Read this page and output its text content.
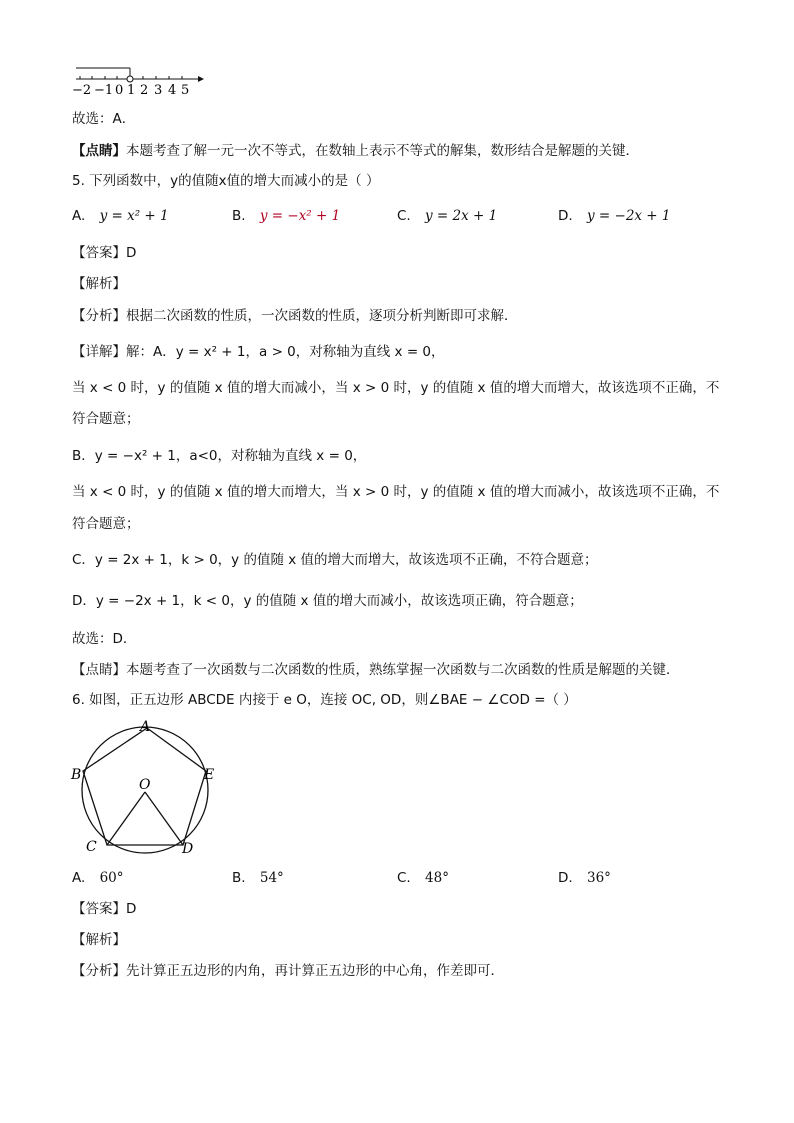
−2 −1 0 1 2 3 4 5
故选：A．
【点睛】本题考查了解一元一次不等式，在数轴上表示不等式的解集，数形结合是解题的关键．
5. 下列函数中，y的值随x值的增大而减小的是（ ）
A. y = x² + 1	B. y = −x² + 1	C. y = 2x + 1	D. y = −2x + 1
【答案】D
【解析】
【分析】根据二次函数的性质，一次函数的性质，逐项分析判断即可求解．
【详解】解：A．y = x² + 1，a > 0，对称轴为直线 x = 0，
当 x < 0 时，y 的值随 x 值的增大而减小，当 x > 0 时，y 的值随 x 值的增大而增大，故该选项不正确，不
符合题意；
B．y = −x² + 1，a<0，对称轴为直线 x = 0，
当 x < 0 时，y 的值随 x 值的增大而增大，当 x > 0 时，y 的值随 x 值的增大而减小，故该选项不正确，不
符合题意；
C．y = 2x + 1，k > 0，y 的值随 x 值的增大而增大，故该选项不正确，不符合题意；
D．y = −2x + 1，k < 0，y 的值随 x 值的增大而减小，故该选项正确，符合题意；
故选：D．
【点睛】本题考查了一次函数与二次函数的性质，熟练掌握一次函数与二次函数的性质是解题的关键．
6. 如图，正五边形 ABCDE 内接于 e O，连接 OC, OD，则∠BAE − ∠COD =（ ）
A
B
C	D
E
O
A. 60°	B. 54°	C. 48°	D. 36°
【答案】D
【解析】
【分析】先计算正五边形的内角，再计算正五边形的中心角，作差即可．
